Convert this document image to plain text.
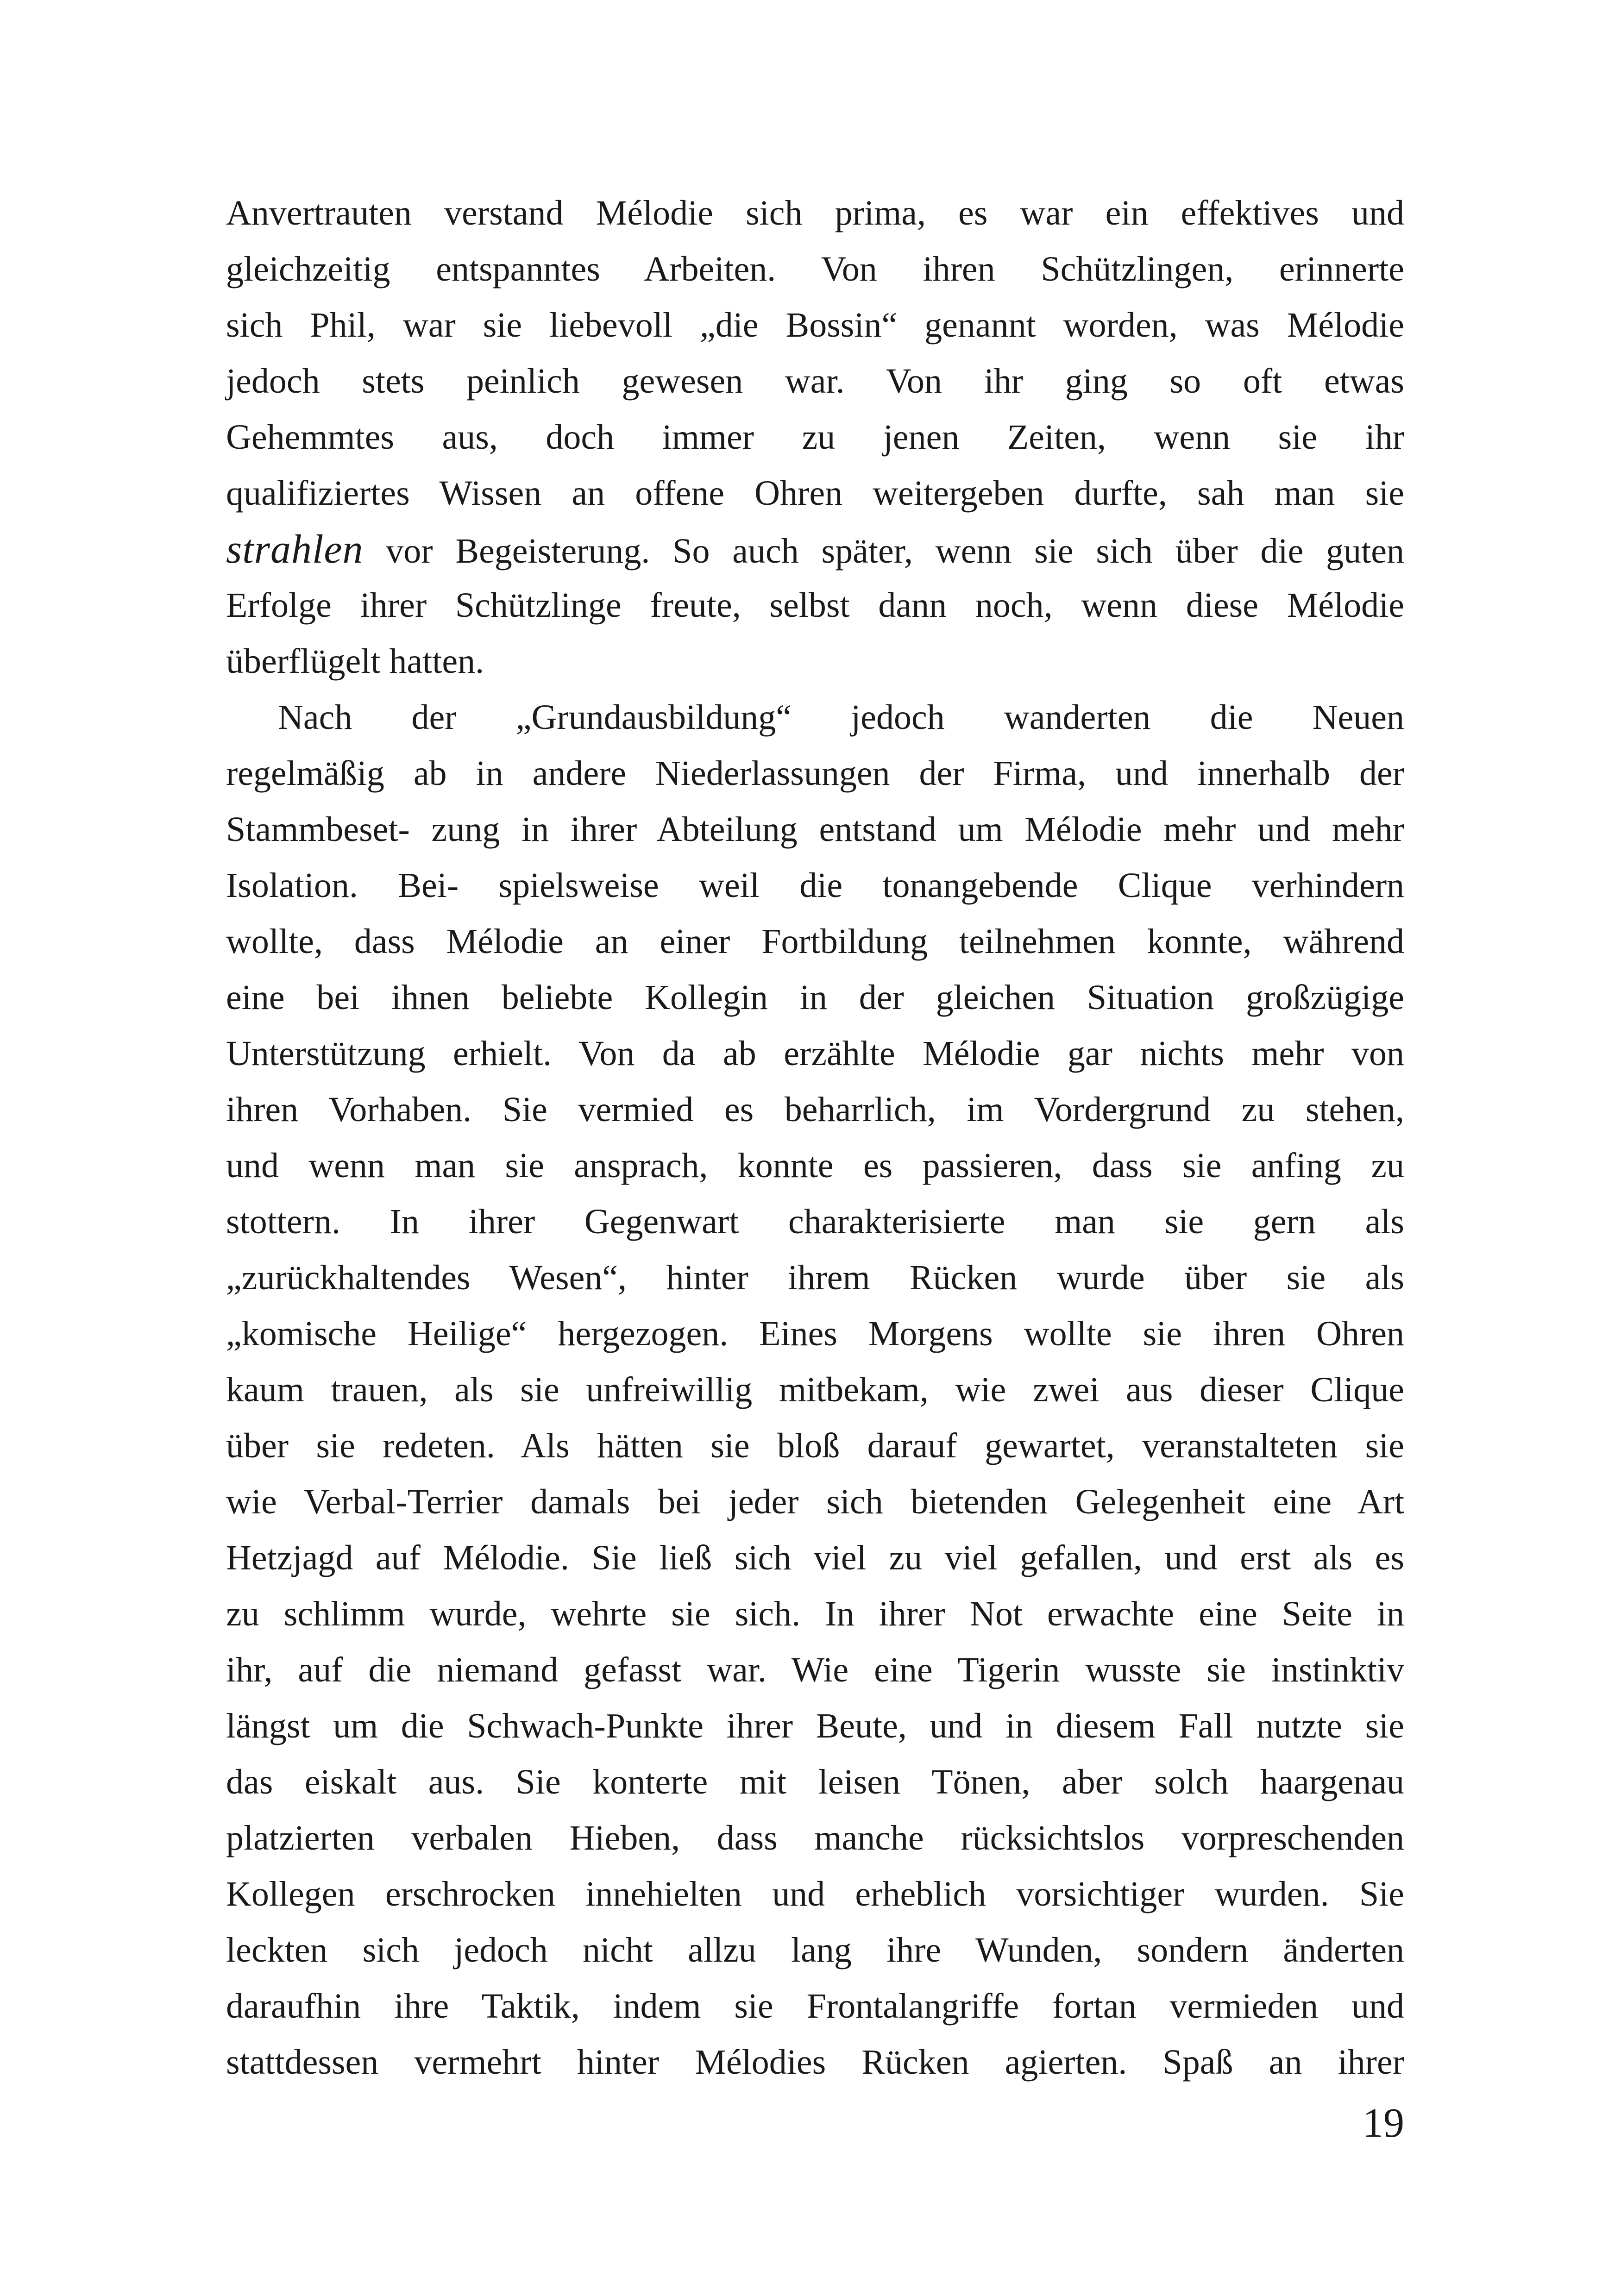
Anvertrauten verstand Mélodie sich prima, es war ein effektives und
gleichzeitig entspanntes Arbeiten. Von ihren Schützlingen, erinnerte
sich Phil, war sie liebevoll „die Bossin“ genannt worden, was Mélodie
jedoch stets peinlich gewesen war. Von ihr ging so oft etwas
Gehemmtes aus, doch immer zu jenen Zeiten, wenn sie ihr
qualifiziertes Wissen an offene Ohren weitergeben durfte, sah man sie
strahlen vor Begeisterung. So auch später, wenn sie sich über die guten
Erfolge ihrer Schützlinge freute, selbst dann noch, wenn diese Mélodie
überflügelt hatten.
Nach der „Grundausbildung“ jedoch wanderten die Neuen
regelmäßig ab in andere Niederlassungen der Firma, und innerhalb der
Stammbeset- zung in ihrer Abteilung entstand um Mélodie mehr und mehr
Isolation. Bei- spielsweise weil die tonangebende Clique verhindern
wollte, dass Mélodie an einer Fortbildung teilnehmen konnte, während
eine bei ihnen beliebte Kollegin in der gleichen Situation großzügige
Unterstützung erhielt. Von da ab erzählte Mélodie gar nichts mehr von
ihren Vorhaben. Sie vermied es beharrlich, im Vordergrund zu stehen,
und wenn man sie ansprach, konnte es passieren, dass sie anfing zu
stottern. In ihrer Gegenwart charakterisierte man sie gern als
„zurückhaltendes Wesen“, hinter ihrem Rücken wurde über sie als
„komische Heilige“ hergezogen. Eines Morgens wollte sie ihren Ohren
kaum trauen, als sie unfreiwillig mitbekam, wie zwei aus dieser Clique
über sie redeten. Als hätten sie bloß darauf gewartet, veranstalteten sie
wie Verbal-Terrier damals bei jeder sich bietenden Gelegenheit eine Art
Hetzjagd auf Mélodie. Sie ließ sich viel zu viel gefallen, und erst als es
zu schlimm wurde, wehrte sie sich. In ihrer Not erwachte eine Seite in
ihr, auf die niemand gefasst war. Wie eine Tigerin wusste sie instinktiv
längst um die Schwach-Punkte ihrer Beute, und in diesem Fall nutzte sie
das eiskalt aus. Sie konterte mit leisen Tönen, aber solch haargenau
platzierten verbalen Hieben, dass manche rücksichtslos vorpreschenden
Kollegen erschrocken innehielten und erheblich vorsichtiger wurden. Sie
leckten sich jedoch nicht allzu lang ihre Wunden, sondern änderten
daraufhin ihre Taktik, indem sie Frontalangriffe fortan vermieden und
stattdessen vermehrt hinter Mélodies Rücken agierten. Spaß an ihrer
19
